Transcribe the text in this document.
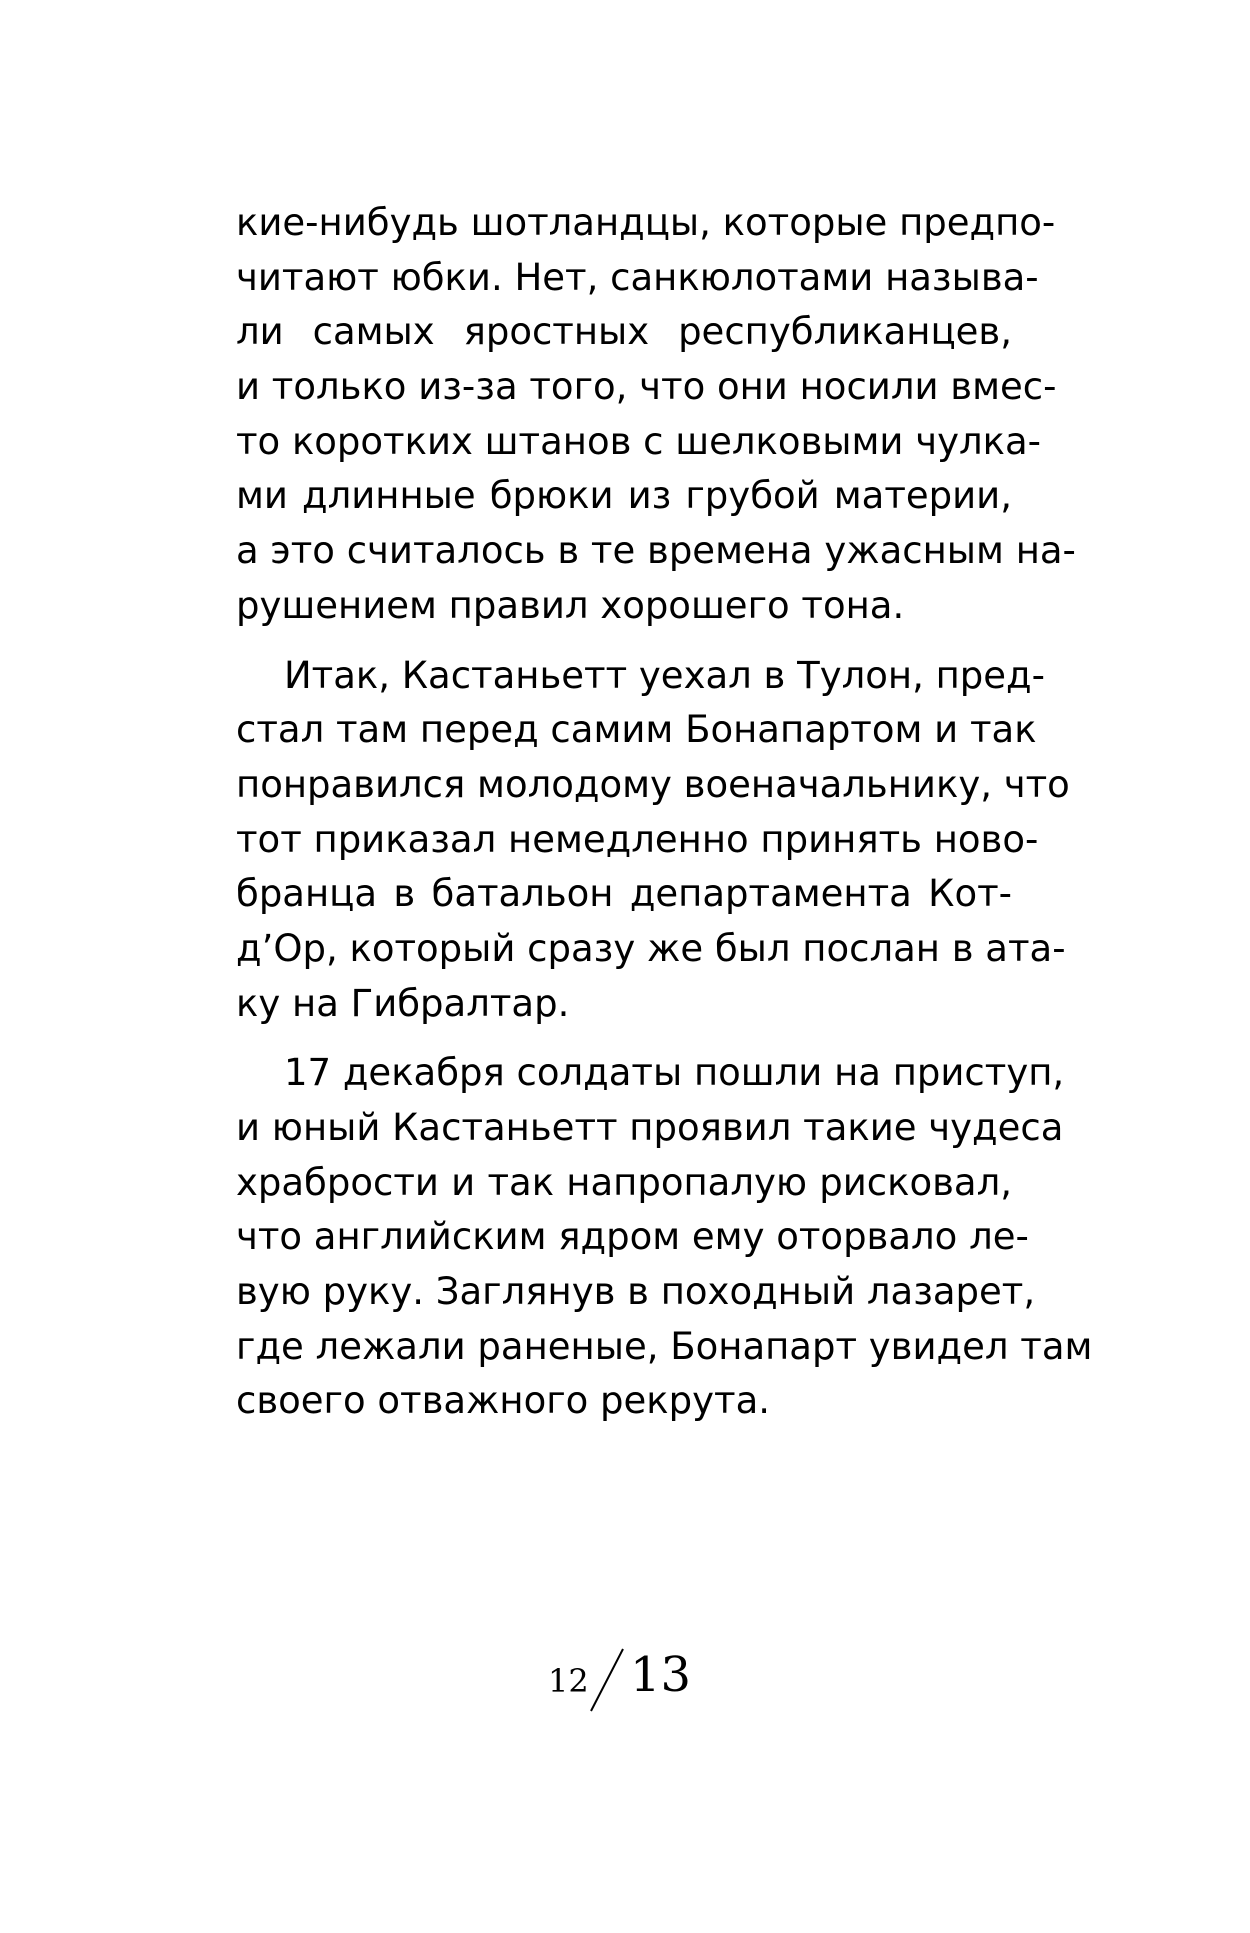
кие-нибудь шотландцы, которые предпо-
читают юбки. Нет, санкюлотами называ-
ли самых яростных республиканцев,
и только из-за того, что они носили вмес-
то коротких штанов с шелковыми чулка-
ми длинные брюки из грубой материи,
а это считалось в те времена ужасным на-
рушением правил хорошего тона.
Итак, Кастаньетт уехал в Тулон, пред-
стал там перед самим Бонапартом и так
понравился молодому военачальнику, что
тот приказал немедленно принять ново-
бранца в батальон департамента Кот-
д’Ор, который сразу же был послан в ата-
ку на Гибралтар.
17 декабря солдаты пошли на приступ,
и юный Кастаньетт проявил такие чудеса
храбрости и так напропалую рисковал,
что английским ядром ему оторвало ле-
вую руку. Заглянув в походный лазарет,
где лежали раненые, Бонапарт увидел там
своего отважного рекрута.
12 13
